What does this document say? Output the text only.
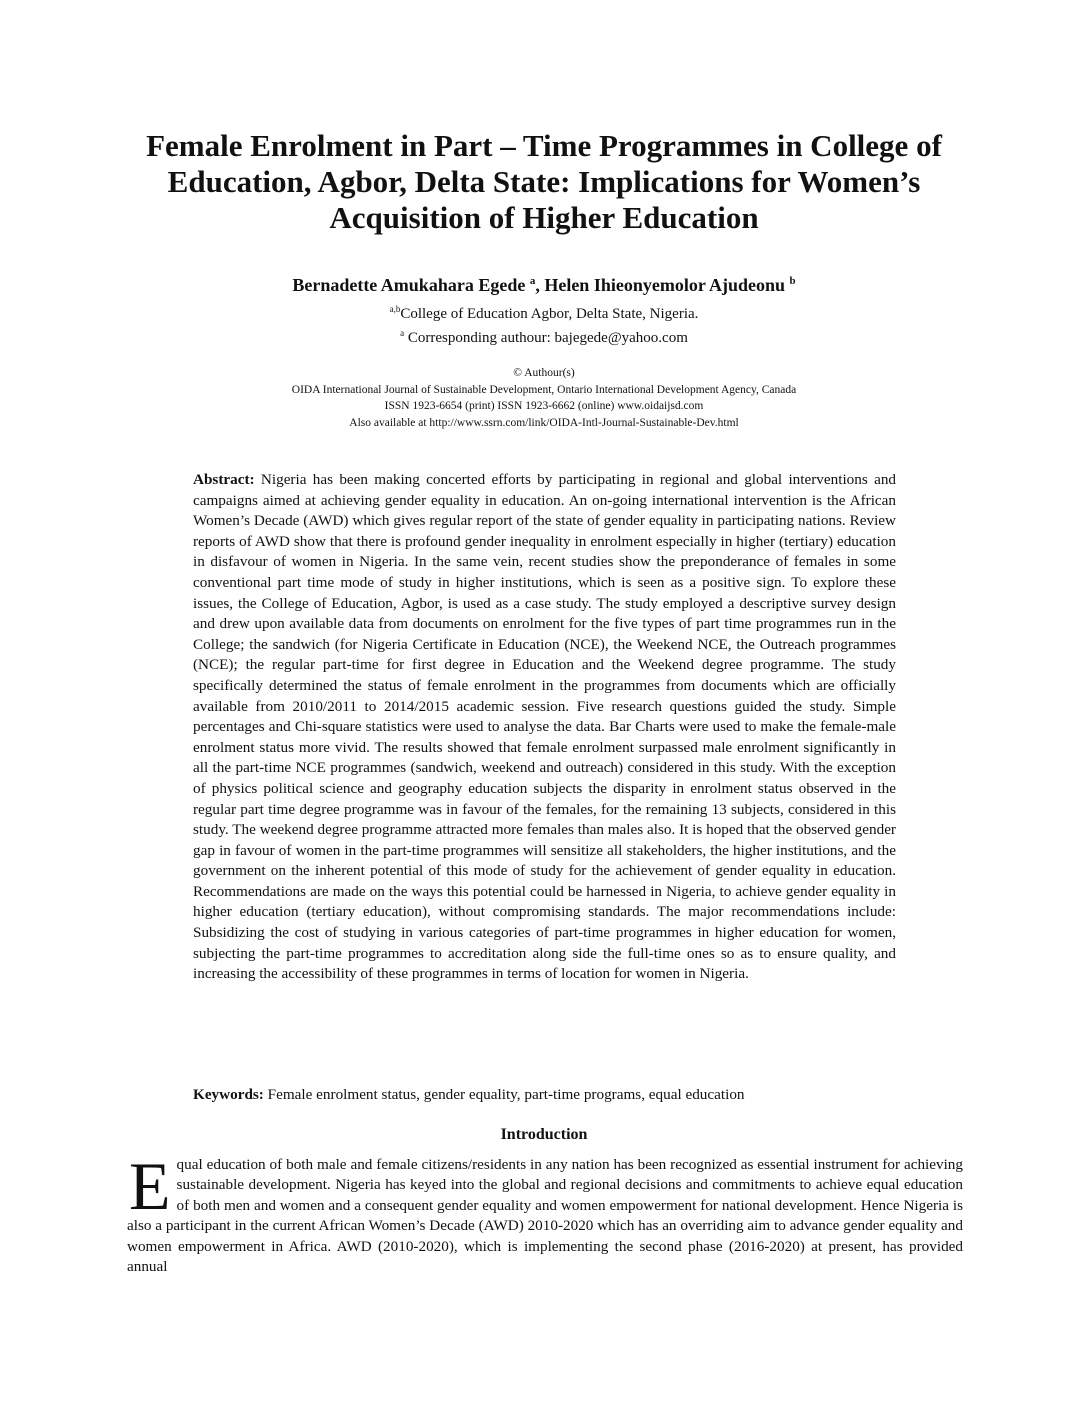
Female Enrolment in Part – Time Programmes in College of Education, Agbor, Delta State: Implications for Women’s Acquisition of Higher Education
Bernadette Amukahara Egede $^a$, Helen Ihieonyemolor Ajudeonu $^b$
$^{a,b}$College of Education Agbor, Delta State, Nigeria.
$^a$ Corresponding authour: bajegede@yahoo.com
© Authour(s)
OIDA International Journal of Sustainable Development, Ontario International Development Agency, Canada
ISSN 1923-6654 (print) ISSN 1923-6662 (online) www.oidaijsd.com
Also available at http://www.ssrn.com/link/OIDA-Intl-Journal-Sustainable-Dev.html

Abstract: Nigeria has been making concerted efforts by participating in regional and global interventions and campaigns aimed at achieving gender equality in education. An on-going international intervention is the African Women’s Decade (AWD) which gives regular report of the state of gender equality in participating nations. Review reports of AWD show that there is profound gender inequality in enrolment especially in higher (tertiary) education in disfavour of women in Nigeria. In the same vein, recent studies show the preponderance of females in some conventional part time mode of study in higher institutions, which is seen as a positive sign. To explore these issues, the College of Education, Agbor, is used as a case study. The study employed a descriptive survey design and drew upon available data from documents on enrolment for the five types of part time programmes run in the College; the sandwich (for Nigeria Certificate in Education (NCE), the Weekend NCE, the Outreach programmes (NCE); the regular part-time for first degree in Education and the Weekend degree programme. The study specifically determined the status of female enrolment in the programmes from documents which are officially available from 2010/2011 to 2014/2015 academic session. Five research questions guided the study. Simple percentages and Chi-square statistics were used to analyse the data. Bar Charts were used to make the female-male enrolment status more vivid. The results showed that female enrolment surpassed male enrolment significantly in all the part-time NCE programmes (sandwich, weekend and outreach) considered in this study. With the exception of physics political science and geography education subjects the disparity in enrolment status observed in the regular part time degree programme was in favour of the females, for the remaining 13 subjects, considered in this study. The weekend degree programme attracted more females than males also. It is hoped that the observed gender gap in favour of women in the part-time programmes will sensitize all stakeholders, the higher institutions, and the government on the inherent potential of this mode of study for the achievement of gender equality in education. Recommendations are made on the ways this potential could be harnessed in Nigeria, to achieve gender equality in higher education (tertiary education), without compromising standards. The major recommendations include: Subsidizing the cost of studying in various categories of part-time programmes in higher education for women, subjecting the part-time programmes to accreditation along side the full-time ones so as to ensure quality, and increasing the accessibility of these programmes in terms of location for women in Nigeria.

Keywords: Female enrolment status, gender equality, part-time programs, equal education

Introduction

Equal education of both male and female citizens/residents in any nation has been recognized as essential instrument for achieving sustainable development. Nigeria has keyed into the global and regional decisions and commitments to achieve equal education of both men and women and a consequent gender equality and women empowerment for national development. Hence Nigeria is also a participant in the current African Women’s Decade (AWD) 2010-2020 which has an overriding aim to advance gender equality and women empowerment in Africa. AWD (2010-2020), which is implementing the second phase (2016-2020) at present, has provided annual
